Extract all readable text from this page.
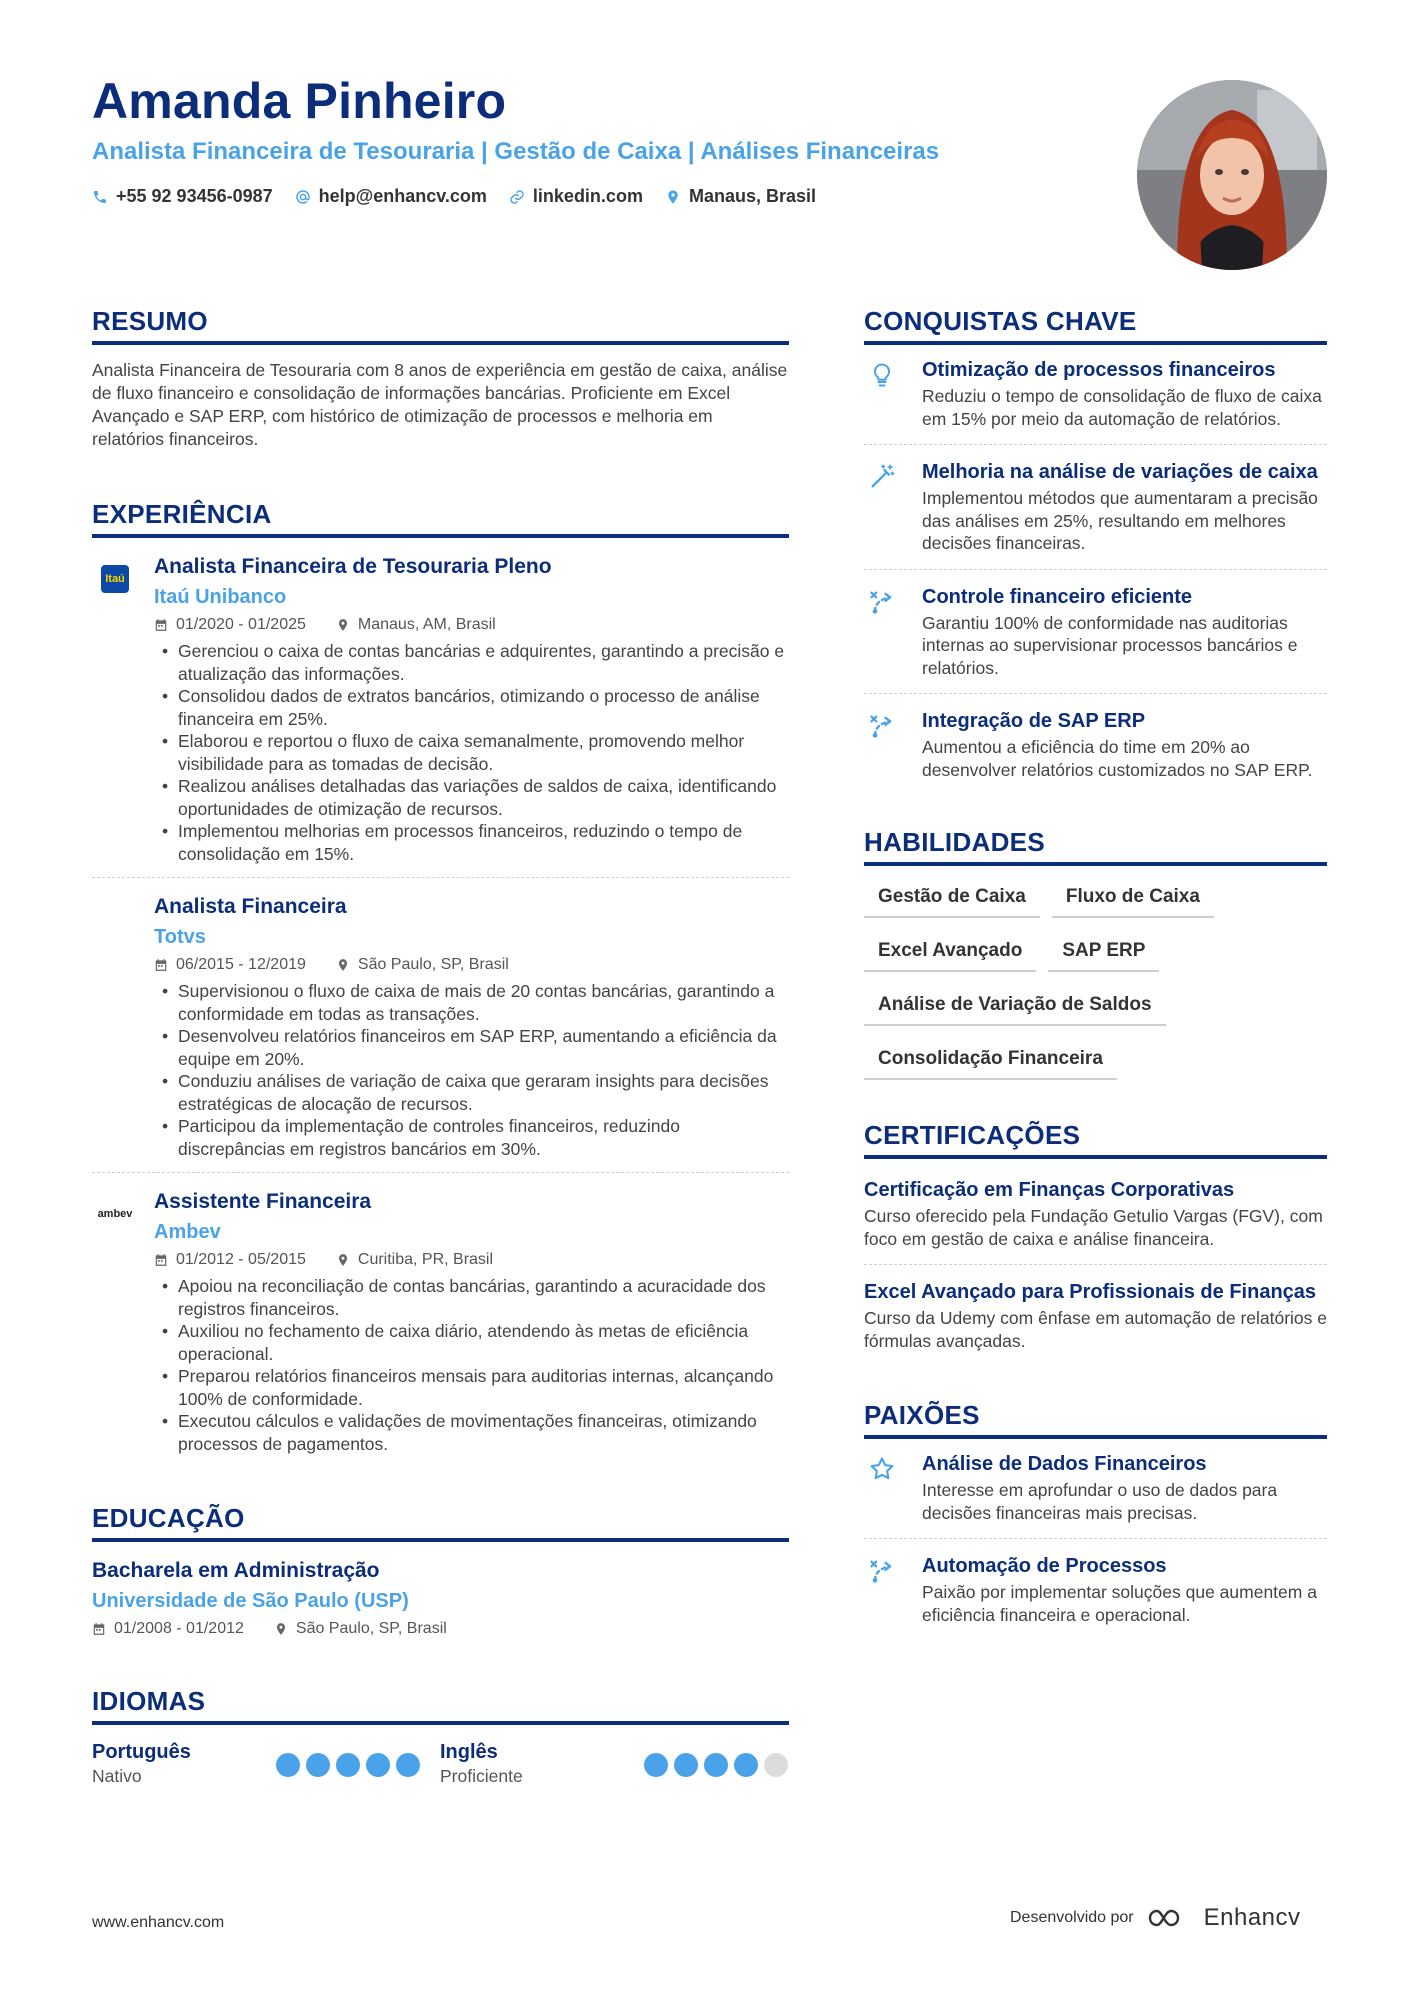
Amanda Pinheiro
Analista Financeira de Tesouraria | Gestão de Caixa | Análises Financeiras
+55 92 93456-0987	help@enhancv.com	linkedin.com	Manaus, Brasil
RESUMO

Analista Financeira de Tesouraria com 8 anos de experiência em gestão de caixa, análise de fluxo financeiro e consolidação de informações bancárias. Proficiente em Excel Avançado e SAP ERP, com histórico de otimização de processos e melhoria em relatórios financeiros.

EXPERIÊNCIA
Itaú
Analista Financeira de Tesouraria Pleno
Itaú Unibanco
01/2020 - 01/2025	Manaus, AM, Brasil
• Gerenciou o caixa de contas bancárias e adquirentes, garantindo a precisão e atualização das informações.
• Consolidou dados de extratos bancários, otimizando o processo de análise financeira em 25%.
• Elaborou e reportou o fluxo de caixa semanalmente, promovendo melhor visibilidade para as tomadas de decisão.
• Realizou análises detalhadas das variações de saldos de caixa, identificando oportunidades de otimização de recursos.
• Implementou melhorias em processos financeiros, reduzindo o tempo de consolidação em 15%.
Analista Financeira
Totvs
06/2015 - 12/2019	São Paulo, SP, Brasil
• Supervisionou o fluxo de caixa de mais de 20 contas bancárias, garantindo a conformidade em todas as transações.
• Desenvolveu relatórios financeiros em SAP ERP, aumentando a eficiência da equipe em 20%.
• Conduziu análises de variação de caixa que geraram insights para decisões estratégicas de alocação de recursos.
• Participou da implementação de controles financeiros, reduzindo discrepâncias em registros bancários em 30%.
ambev
Assistente Financeira
Ambev
01/2012 - 05/2015	Curitiba, PR, Brasil
• Apoiou na reconciliação de contas bancárias, garantindo a acuracidade dos registros financeiros.
• Auxiliou no fechamento de caixa diário, atendendo às metas de eficiência operacional.
• Preparou relatórios financeiros mensais para auditorias internas, alcançando 100% de conformidade.
• Executou cálculos e validações de movimentações financeiras, otimizando processos de pagamentos.
EDUCAÇÃO
Bacharela em Administração
Universidade de São Paulo (USP)
01/2008 - 01/2012	São Paulo, SP, Brasil
IDIOMAS
Português
Nativo
Inglês
Proficiente
CONQUISTAS CHAVE
Otimização de processos financeiros
Reduziu o tempo de consolidação de fluxo de caixa em 15% por meio da automação de relatórios.
Melhoria na análise de variações de caixa
Implementou métodos que aumentaram a precisão das análises em 25%, resultando em melhores decisões financeiras.
Controle financeiro eficiente
Garantiu 100% de conformidade nas auditorias internas ao supervisionar processos bancários e relatórios.
Integração de SAP ERP
Aumentou a eficiência do time em 20% ao desenvolver relatórios customizados no SAP ERP.
HABILIDADES
Gestão de Caixa	Fluxo de Caixa
Excel Avançado	SAP ERP
Análise de Variação de Saldos
Consolidação Financeira
CERTIFICAÇÕES
Certificação em Finanças Corporativas
Curso oferecido pela Fundação Getulio Vargas (FGV), com foco em gestão de caixa e análise financeira.
Excel Avançado para Profissionais de Finanças
Curso da Udemy com ênfase em automação de relatórios e fórmulas avançadas.
PAIXÕES
Análise de Dados Financeiros
Interesse em aprofundar o uso de dados para decisões financeiras mais precisas.
Automação de Processos
Paixão por implementar soluções que aumentem a eficiência financeira e operacional.
www.enhancv.com	Desenvolvido por	Enhancv
